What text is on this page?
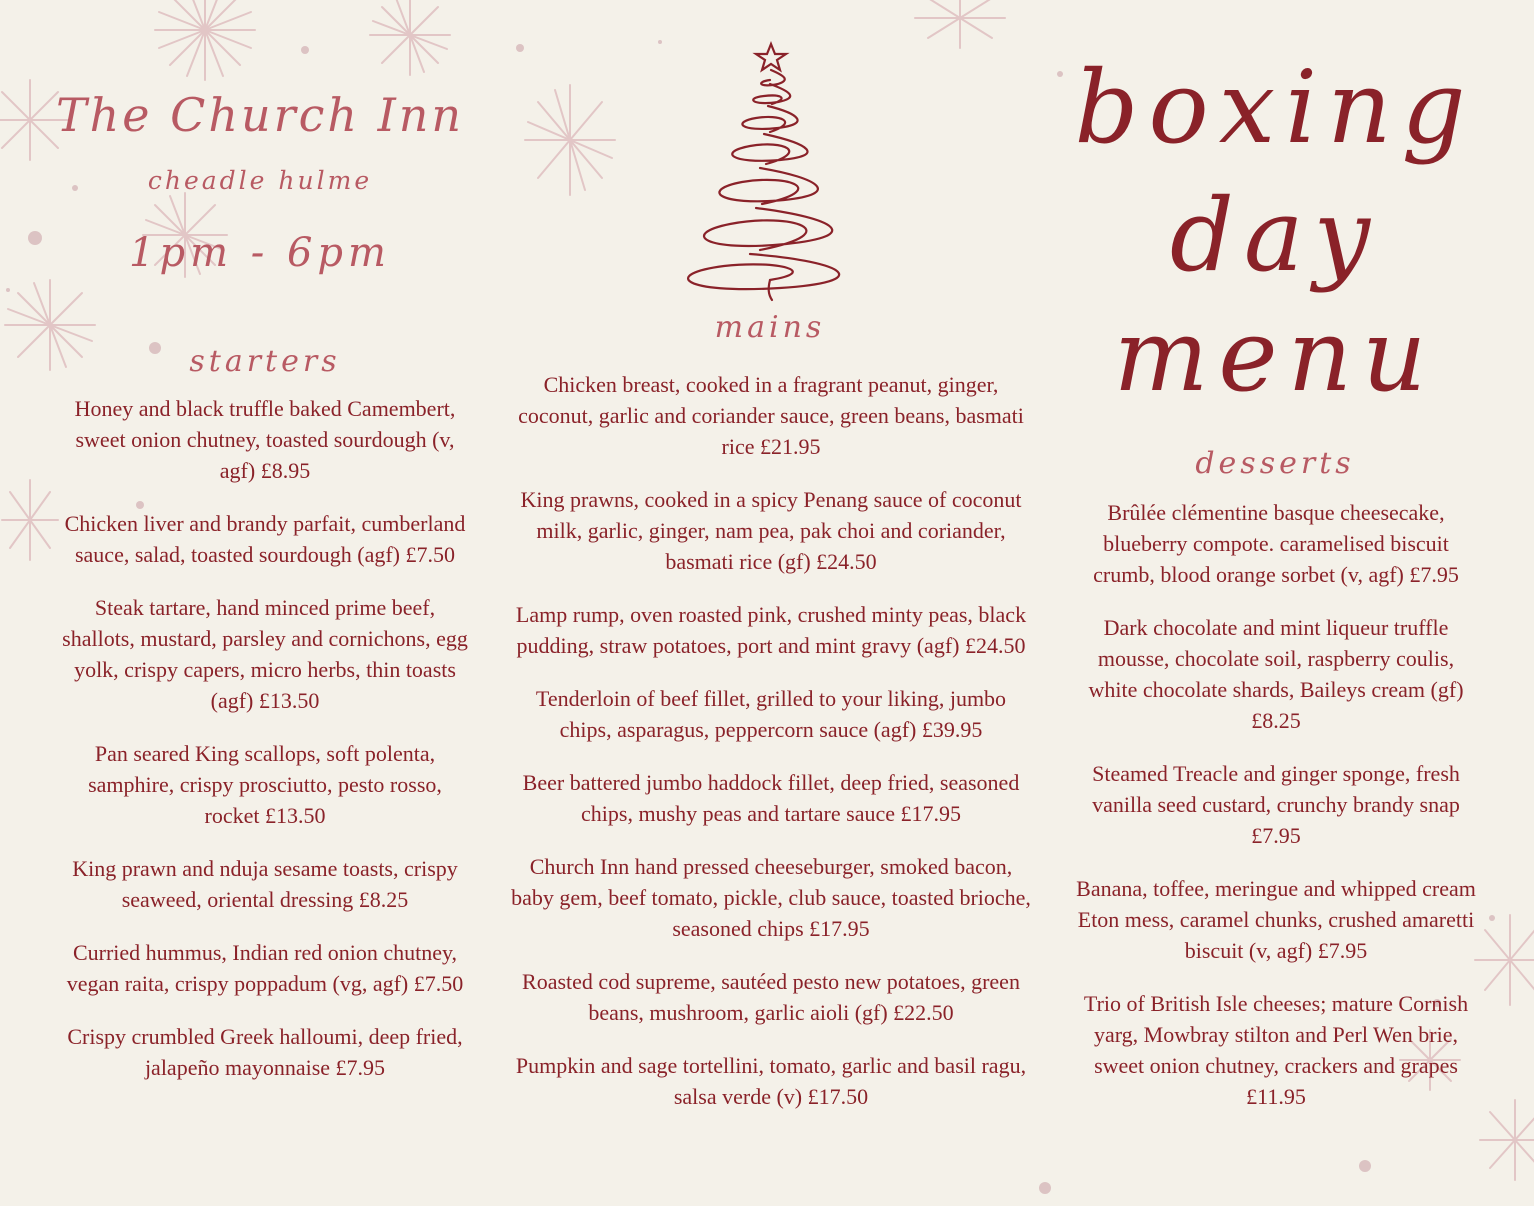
The Church Inn
cheadle hulme
1pm - 6pm
boxing
day
menu
starters

Honey and black truffle baked Camembert, sweet onion chutney, toasted sourdough (v, agf) £8.95

Chicken liver and brandy parfait, cumberland sauce, salad, toasted sourdough (agf) £7.50

Steak tartare, hand minced prime beef, shallots, mustard, parsley and cornichons, egg yolk, crispy capers, micro herbs, thin toasts (agf) £13.50

Pan seared King scallops, soft polenta, samphire, crispy prosciutto, pesto rosso, rocket £13.50

King prawn and nduja sesame toasts, crispy seaweed, oriental dressing £8.25

Curried hummus, Indian red onion chutney, vegan raita, crispy poppadum (vg, agf) £7.50

Crispy crumbled Greek halloumi, deep fried, jalapeño mayonnaise £7.95

mains

Chicken breast, cooked in a fragrant peanut, ginger, coconut, garlic and coriander sauce, green beans, basmati rice £21.95

King prawns, cooked in a spicy Penang sauce of coconut milk, garlic, ginger, nam pea, pak choi and coriander, basmati rice (gf) £24.50

Lamp rump, oven roasted pink, crushed minty peas, black pudding, straw potatoes, port and mint gravy (agf) £24.50

Tenderloin of beef fillet, grilled to your liking, jumbo chips, asparagus, peppercorn sauce (agf) £39.95

Beer battered jumbo haddock fillet, deep fried, seasoned chips, mushy peas and tartare sauce £17.95

Church Inn hand pressed cheeseburger, smoked bacon, baby gem, beef tomato, pickle, club sauce, toasted brioche, seasoned chips £17.95

Roasted cod supreme, sautéed pesto new potatoes, green beans, mushroom, garlic aioli (gf) £22.50

Pumpkin and sage tortellini, tomato, garlic and basil ragu, salsa verde (v) £17.50

desserts

Brûlée clémentine basque cheesecake, blueberry compote. caramelised biscuit crumb, blood orange sorbet (v, agf) £7.95

Dark chocolate and mint liqueur truffle mousse, chocolate soil, raspberry coulis, white chocolate shards, Baileys cream (gf) £8.25

Steamed Treacle and ginger sponge, fresh vanilla seed custard, crunchy brandy snap £7.95

Banana, toffee, meringue and whipped cream Eton mess, caramel chunks, crushed amaretti biscuit (v, agf) £7.95

Trio of British Isle cheeses; mature Cornish yarg, Mowbray stilton and Perl Wen brie, sweet onion chutney, crackers and grapes £11.95
